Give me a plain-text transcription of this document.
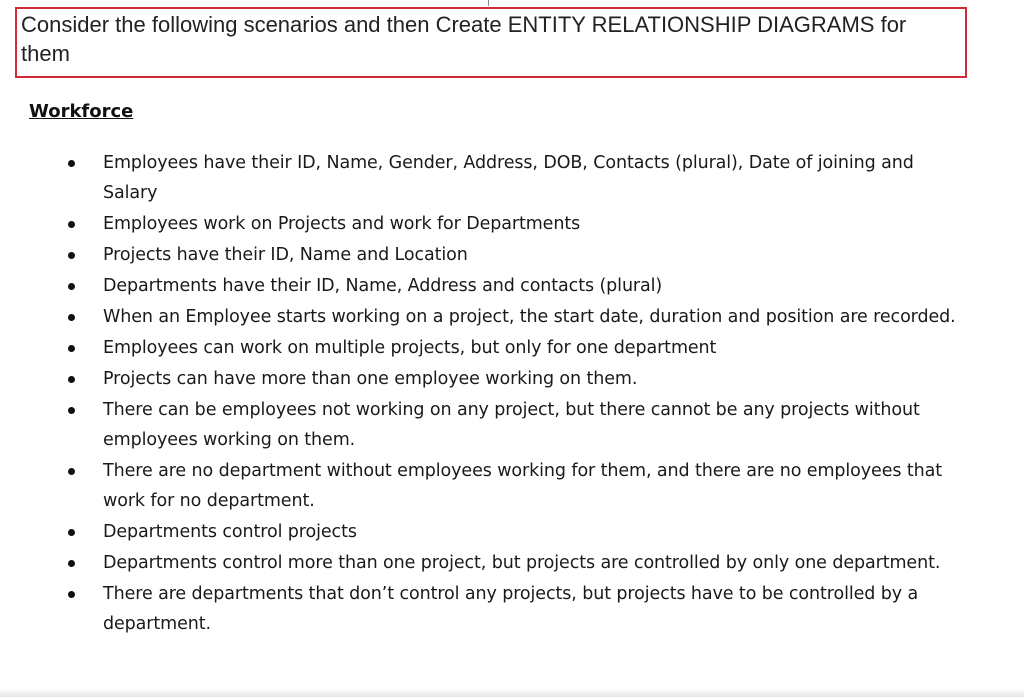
Consider the following scenarios and then Create ENTITY RELATIONSHIP DIAGRAMS for them

Workforce
Employees have their ID, Name, Gender, Address, DOB, Contacts (plural), Date of joining and Salary
Employees work on Projects and work for Departments
Projects have their ID, Name and Location
Departments have their ID, Name, Address and contacts (plural)
When an Employee starts working on a project, the start date, duration and position are recorded.
Employees can work on multiple projects, but only for one department
Projects can have more than one employee working on them.
There can be employees not working on any project, but there cannot be any projects without employees working on them.
There are no department without employees working for them, and there are no employees that work for no department.
Departments control projects
Departments control more than one project, but projects are controlled by only one department.
There are departments that don’t control any projects, but projects have to be controlled by a department.
